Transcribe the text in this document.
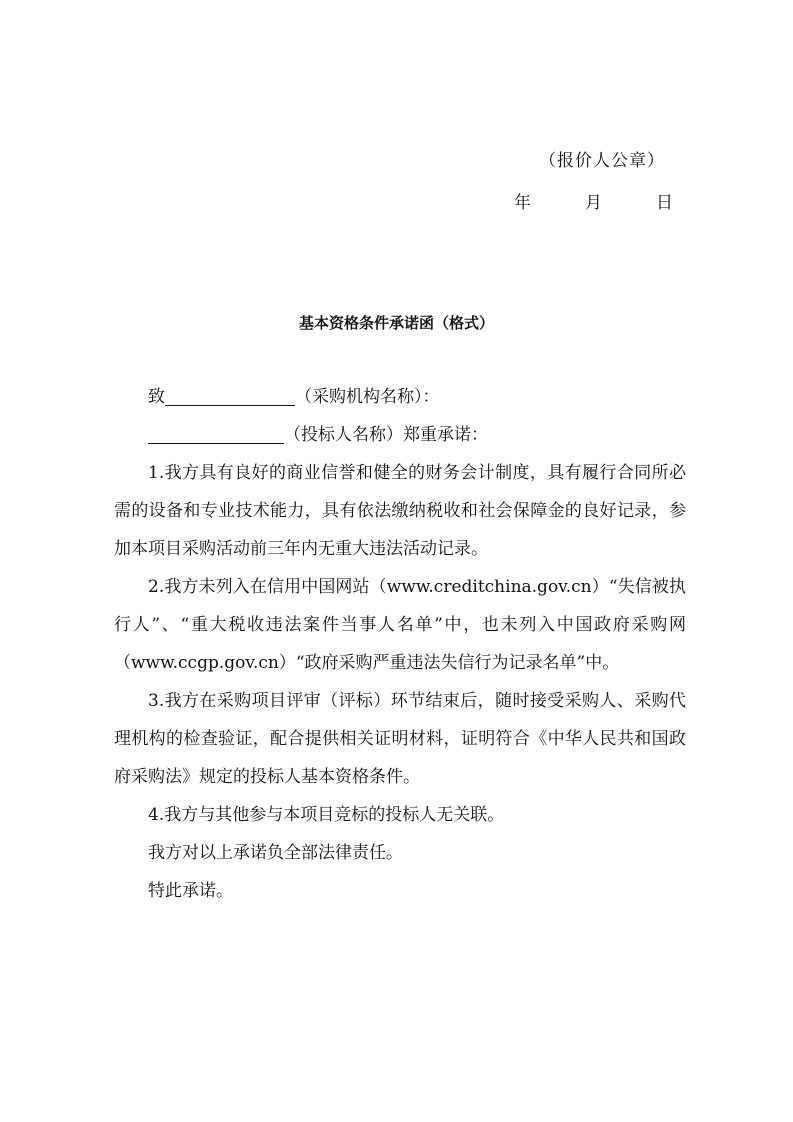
（报价人公章）
年	月	日
基本资格条件承诺函（格式）

致	（采购机构名称）：

（投标人名称）郑重承诺：

1.我方具有良好的商业信誉和健全的财务会计制度，具有履行合同所必需的设备和专业技术能力，具有依法缴纳税收和社会保障金的良好记录，参加本项目采购活动前三年内无重大违法活动记录。

2.我方未列入在信用中国网站（www.creditchina.gov.cn）“失信被执行人”、“重大税收违法案件当事人名单”中，也未列入中国政府采购网（www.ccgp.gov.cn）“政府采购严重违法失信行为记录名单”中。

3.我方在采购项目评审（评标）环节结束后，随时接受采购人、采购代理机构的检查验证，配合提供相关证明材料，证明符合《中华人民共和国政府采购法》规定的投标人基本资格条件。

4.我方与其他参与本项目竞标的投标人无关联。

我方对以上承诺负全部法律责任。

特此承诺。
